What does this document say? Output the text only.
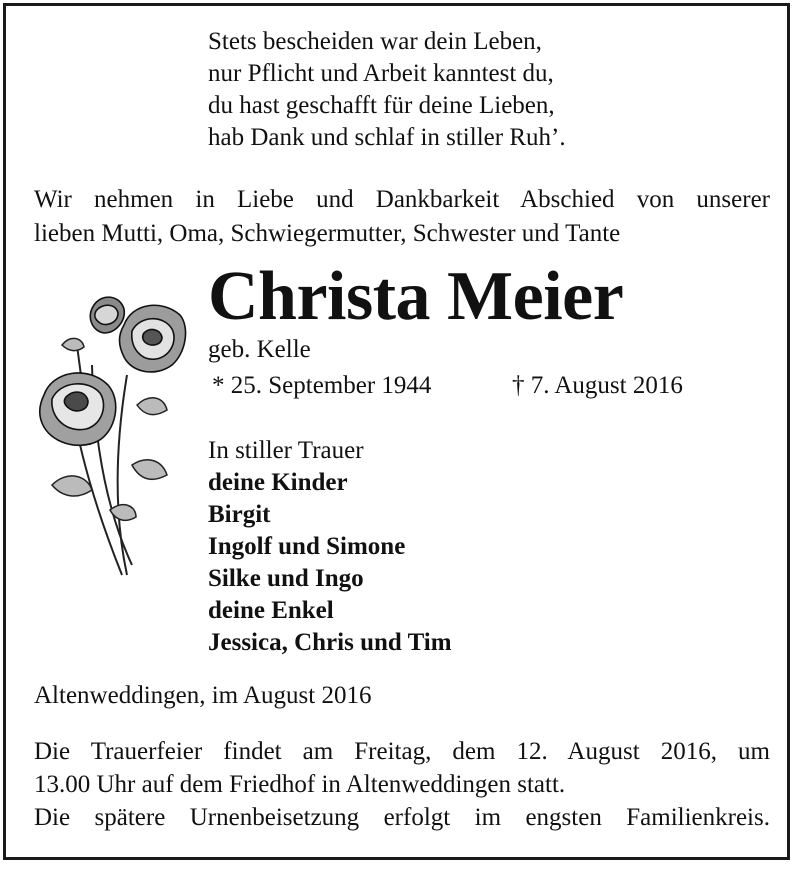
Stets bescheiden war dein Leben,
nur Pflicht und Arbeit kanntest du,
du hast geschafft für deine Lieben,
hab Dank und schlaf in stiller Ruh’.
Wir nehmen in Liebe und Dankbarkeit Abschied von unserer
lieben Mutti, Oma, Schwiegermutter, Schwester und Tante
Christa Meier
geb. Kelle
* 25. September 1944	† 7. August 2016
In stiller Trauer
deine Kinder
Birgit
Ingolf und Simone
Silke und Ingo
deine Enkel
Jessica, Chris und Tim
Altenweddingen, im August 2016
Die Trauerfeier findet am Freitag, dem 12. August 2016, um
13.00 Uhr auf dem Friedhof in Altenweddingen statt.
Die spätere Urnenbeisetzung erfolgt im engsten Familienkreis.
